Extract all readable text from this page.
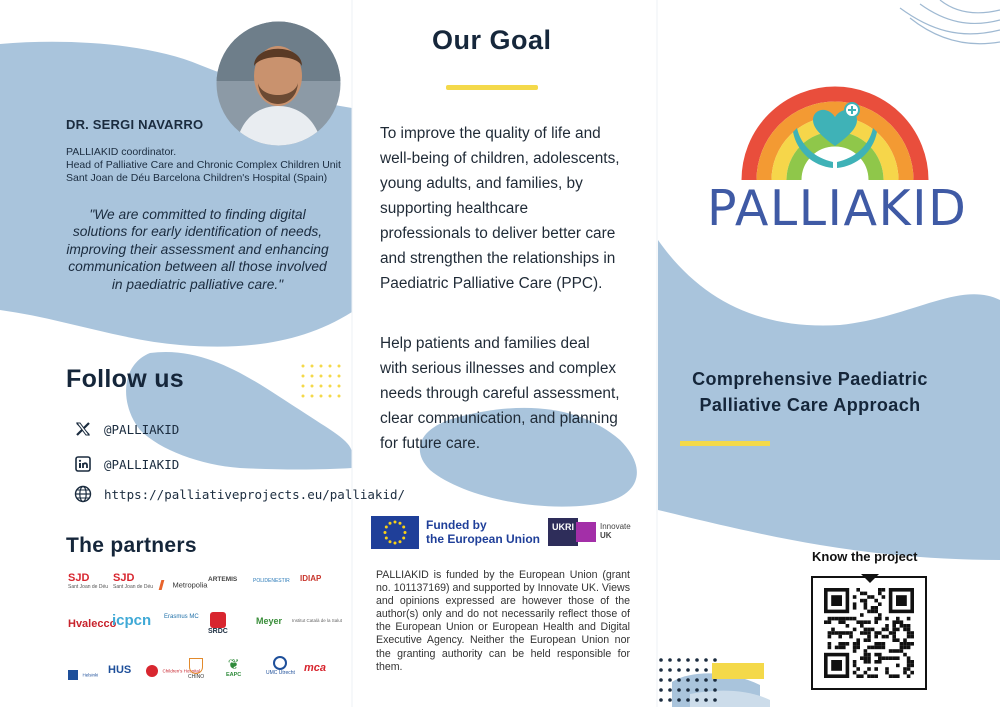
DR. SERGI NAVARRO
PALLIAKID coordinator.
Head of Palliative Care and Chronic Complex Children Unit
Sant Joan de Déu Barcelona Children's Hospital (Spain)
"We are committed to finding digital
solutions for early identification of needs,
improving their assessment and enhancing
communication between all those involved
in paediatric palliative care."
Follow us
@PALLIAKID
@PALLIAKID
https://palliativeprojects.eu/palliakid/
The partners
SJD
Sant Joan de Déu
SJD
Sant Joan de Déu	Metropolia
ARTEMIS	POLIDENESTIR IDIAP
Hvalecco
icpcn Erasmus MC
SRDC
Meyer Institut Català de la Salut
Helsinki HUS	Children's Hospital
CHINO
❦
EAPC	UMC Utrecht mca
Our Goal
To improve the quality of life and
well-being of children, adolescents,
young adults, and families, by
supporting healthcare
professionals to deliver better care
and strengthen the relationships in
Paediatric Palliative Care (PPC).
Help patients and families deal
with serious illnesses and complex
needs through careful assessment,
clear communication, and planning
for future care.
Funded by
the European Union
UKRI	Innovate
UK
PALLIAKID is funded by the European Union (grant no. 101137169) and supported by Innovate UK. Views and opinions expressed are however those of the author(s) only and do not necessarily reflect those of the European Union or European Health and Digital Executive Agency. Neither the European Union nor the granting authority can be held responsible for them.
PALLIAKID
Comprehensive Paediatric
Palliative Care Approach
Know the project
